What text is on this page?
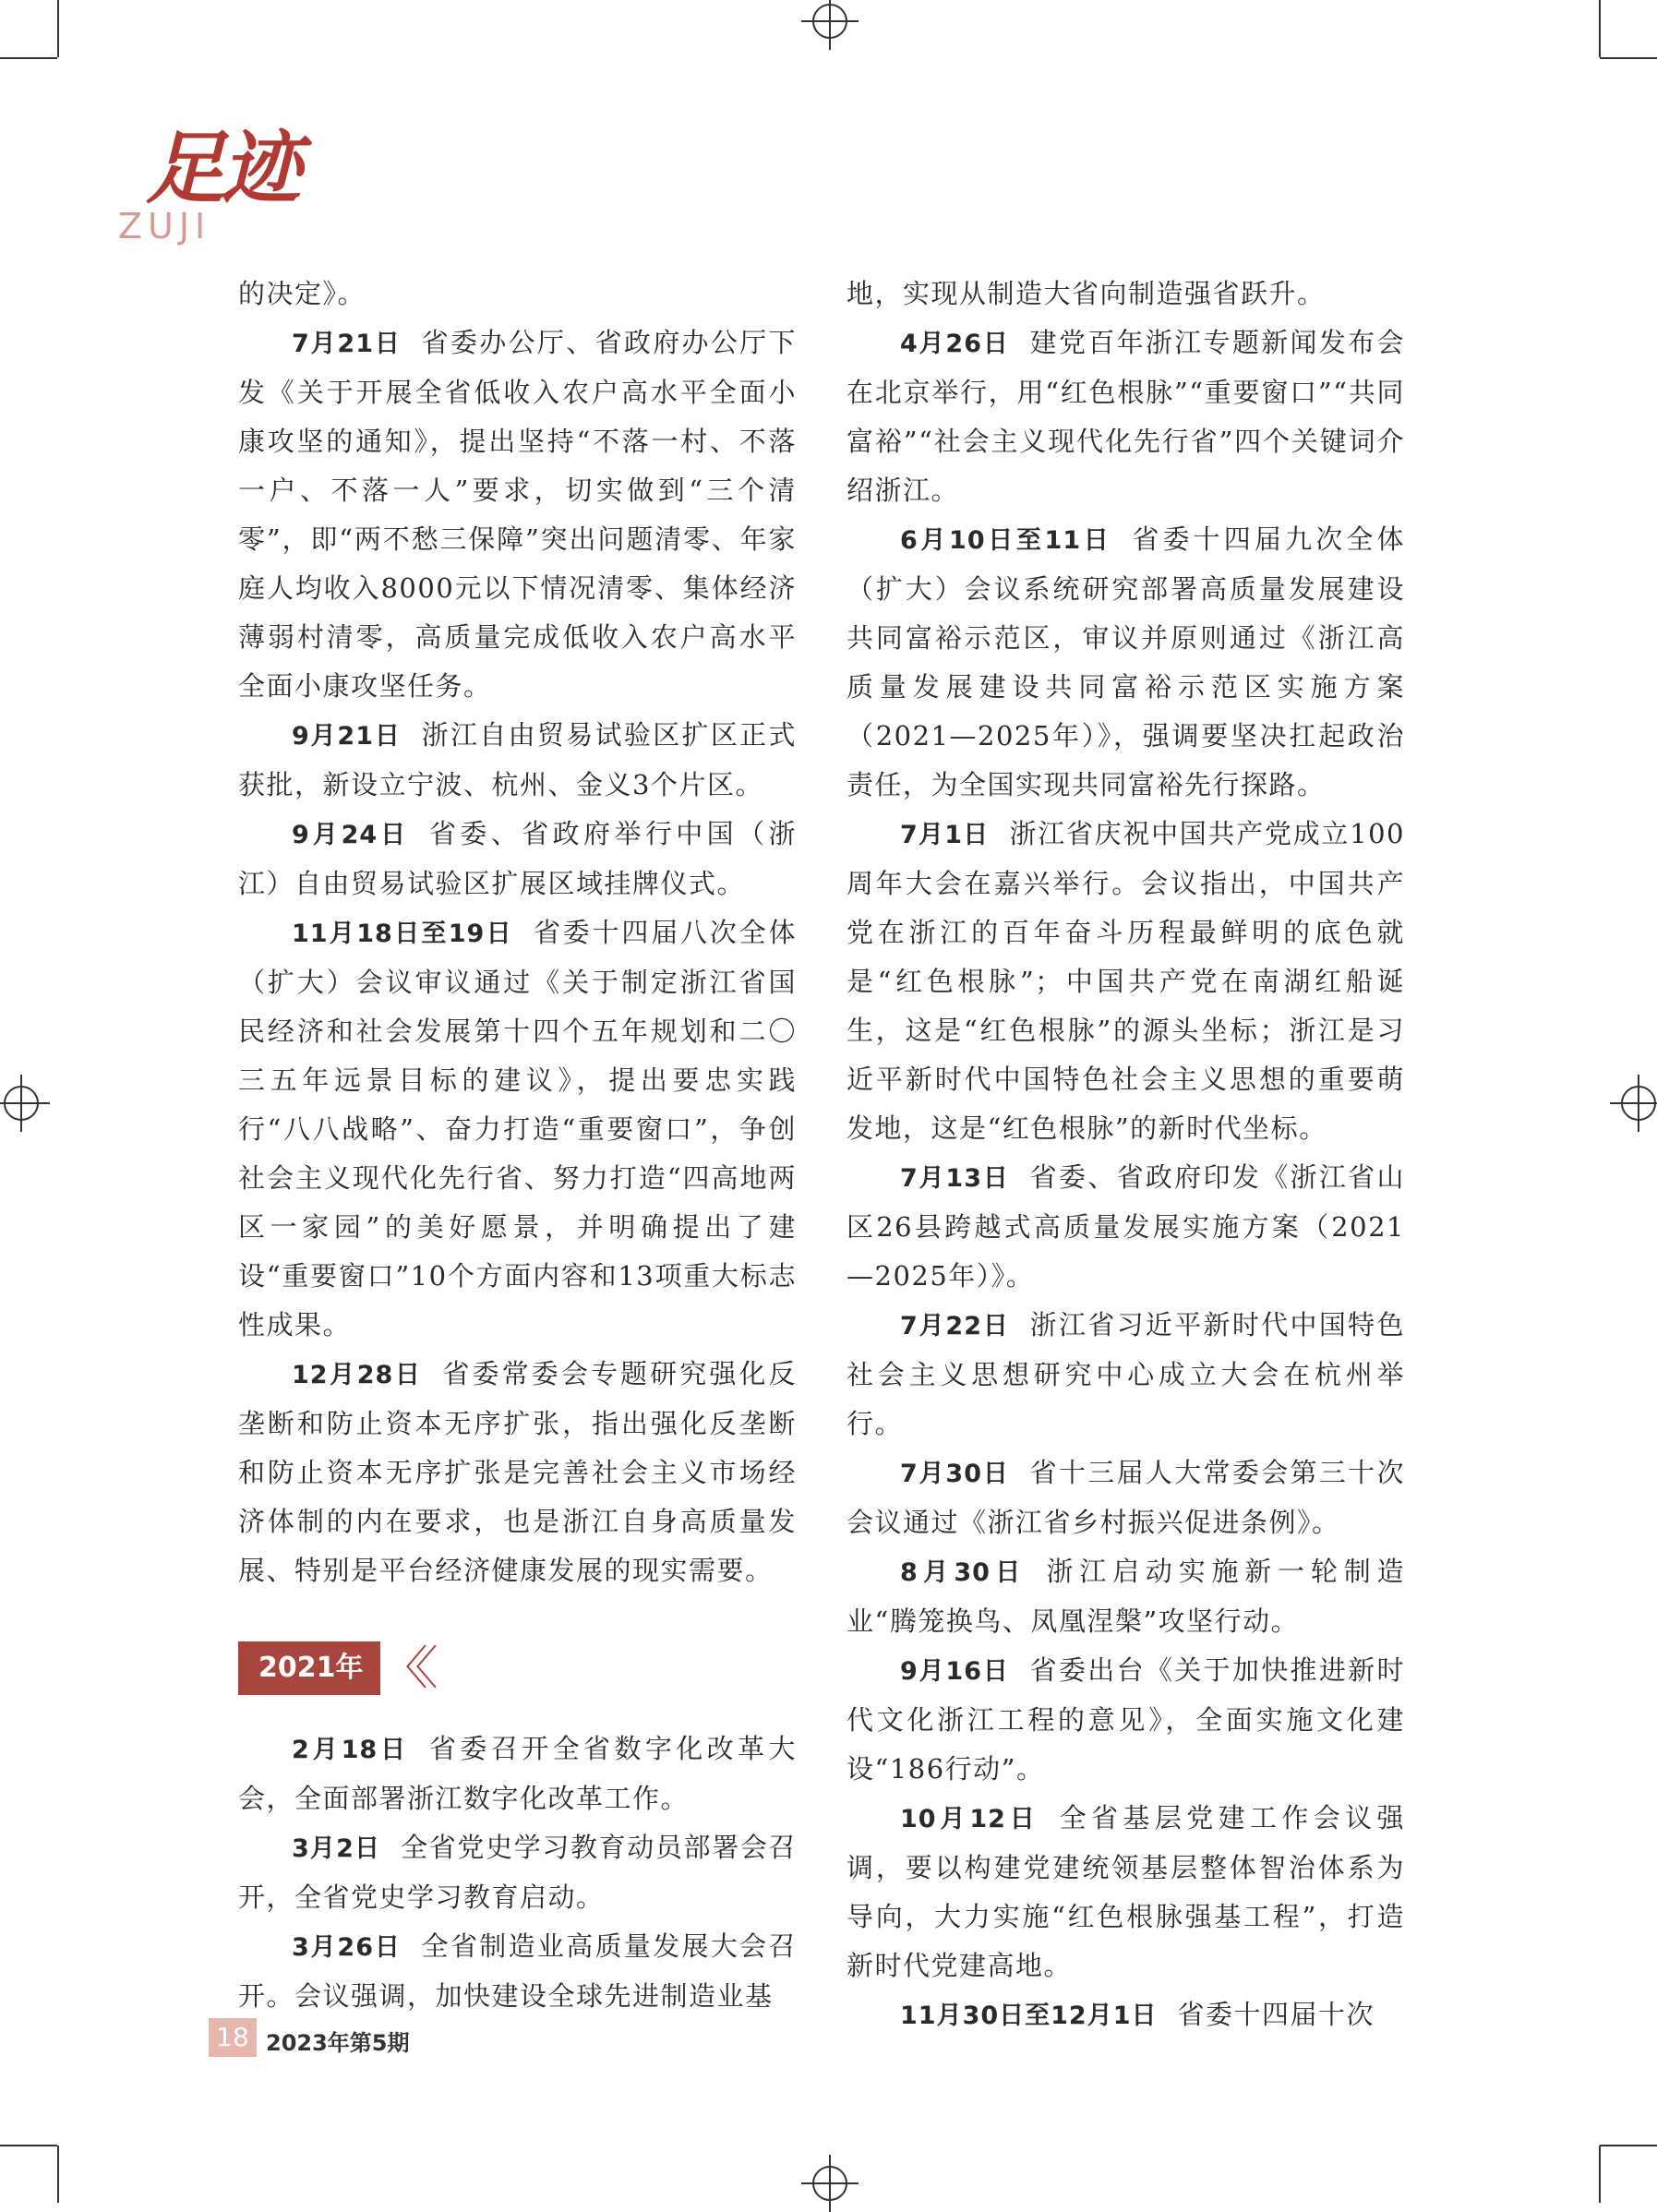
足迹
ZUJI

的决定》。

7月21日 省委办公厅、省政府办公厅下发《关于开展全省低收入农户高水平全面小康攻坚的通知》，提出坚持“不落一村、不落一户、不落一人”要求，切实做到“三个清零”，即“两不愁三保障”突出问题清零、年家庭人均收入8000元以下情况清零、集体经济薄弱村清零，高质量完成低收入农户高水平全面小康攻坚任务。

9月21日 浙江自由贸易试验区扩区正式获批，新设立宁波、杭州、金义3个片区。

9月24日 省委、省政府举行中国（浙江）自由贸易试验区扩展区域挂牌仪式。

11月18日至19日 省委十四届八次全体（扩大）会议审议通过《关于制定浙江省国民经济和社会发展第十四个五年规划和二〇三五年远景目标的建议》，提出要忠实践行“八八战略”、奋力打造“重要窗口”，争创社会主义现代化先行省、努力打造“四高地两区一家园”的美好愿景，并明确提出了建设“重要窗口”10个方面内容和13项重大标志性成果。

12月28日 省委常委会专题研究强化反垄断和防止资本无序扩张，指出强化反垄断和防止资本无序扩张是完善社会主义市场经济体制的内在要求，也是浙江自身高质量发展、特别是平台经济健康发展的现实需要。

2021年 〈〈

2月18日 省委召开全省数字化改革大会，全面部署浙江数字化改革工作。

3月2日 全省党史学习教育动员部署会召开，全省党史学习教育启动。

3月26日 全省制造业高质量发展大会召开。会议强调，加快建设全球先进制造业基

地，实现从制造大省向制造强省跃升。

4月26日 建党百年浙江专题新闻发布会在北京举行，用“红色根脉”“重要窗口”“共同富裕”“社会主义现代化先行省”四个关键词介绍浙江。

6月10日至11日 省委十四届九次全体（扩大）会议系统研究部署高质量发展建设共同富裕示范区，审议并原则通过《浙江高质量发展建设共同富裕示范区实施方案（2021—2025年）》，强调要坚决扛起政治责任，为全国实现共同富裕先行探路。

7月1日 浙江省庆祝中国共产党成立100周年大会在嘉兴举行。会议指出，中国共产党在浙江的百年奋斗历程最鲜明的底色就是“红色根脉”；中国共产党在南湖红船诞生，这是“红色根脉”的源头坐标；浙江是习近平新时代中国特色社会主义思想的重要萌发地，这是“红色根脉”的新时代坐标。

7月13日 省委、省政府印发《浙江省山区26县跨越式高质量发展实施方案（2021—2025年）》。

7月22日 浙江省习近平新时代中国特色社会主义思想研究中心成立大会在杭州举行。

7月30日 省十三届人大常委会第三十次会议通过《浙江省乡村振兴促进条例》。

8月30日 浙江启动实施新一轮制造业“腾笼换鸟、凤凰涅槃”攻坚行动。

9月16日 省委出台《关于加快推进新时代文化浙江工程的意见》，全面实施文化建设“186行动”。

10月12日 全省基层党建工作会议强调，要以构建党建统领基层整体智治体系为导向，大力实施“红色根脉强基工程”，打造新时代党建高地。

11月30日至12月1日 省委十四届十次

18 2023年第5期
